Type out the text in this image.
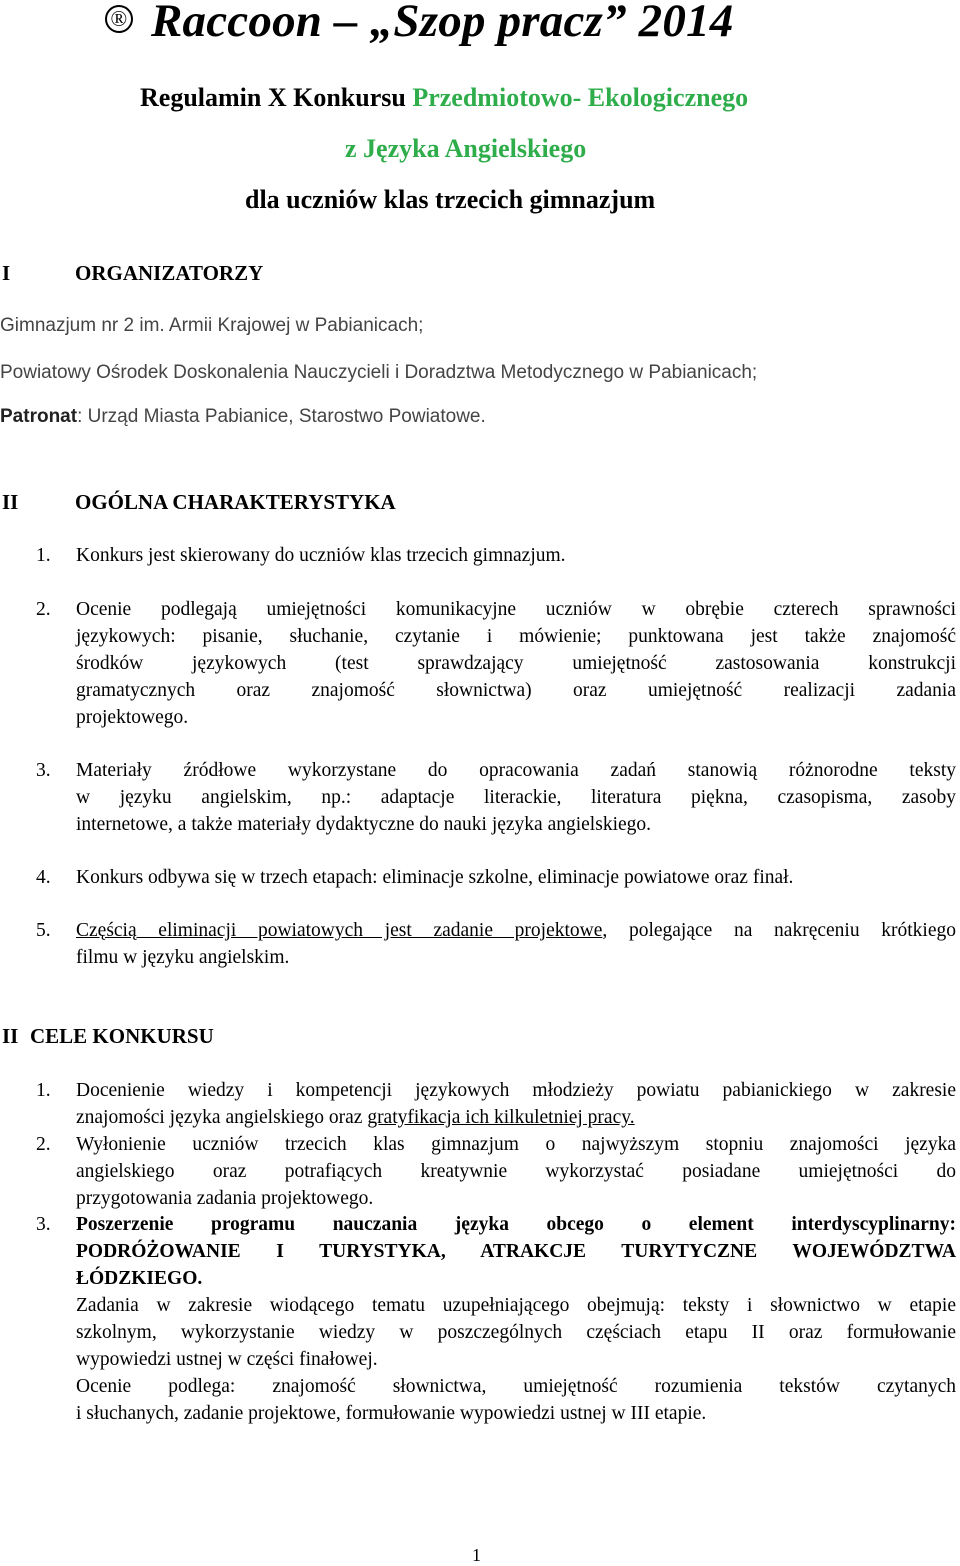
® Raccoon – „Szop pracz” 2014
Regulamin X Konkursu Przedmiotowo- Ekologicznego
z Języka Angielskiego
dla uczniów klas trzecich gimnazjum
I	ORGANIZATORZY
Gimnazjum nr 2 im. Armii Krajowej w Pabianicach;
Powiatowy Ośrodek Doskonalenia Nauczycieli i Doradztwa Metodycznego w Pabianicach;
Patronat: Urząd Miasta Pabianice, Starostwo Powiatowe.
II	OGÓLNA CHARAKTERYSTYKA
1.	Konkurs jest skierowany do uczniów klas trzecich gimnazjum.
2.	Ocenie podlegają umiejętności komunikacyjne uczniów w obrębie czterech sprawności
językowych: pisanie, słuchanie, czytanie i mówienie; punktowana jest także znajomość
środków językowych (test sprawdzający umiejętność zastosowania konstrukcji
gramatycznych oraz znajomość słownictwa) oraz umiejętność realizacji zadania
projektowego.
3.	Materiały źródłowe wykorzystane do opracowania zadań stanowią różnorodne teksty
w języku angielskim, np.: adaptacje literackie, literatura piękna, czasopisma, zasoby
internetowe, a także materiały dydaktyczne do nauki języka angielskiego.
4.	Konkurs odbywa się w trzech etapach: eliminacje szkolne, eliminacje powiatowe oraz finał.
5.	Częścią eliminacji powiatowych jest zadanie projektowe, polegające na nakręceniu krótkiego
filmu w języku angielskim.
II CELE KONKURSU
1.	Docenienie wiedzy i kompetencji językowych młodzieży powiatu pabianickiego w zakresie
znajomości języka angielskiego oraz gratyfikacja ich kilkuletniej pracy.
2.	Wyłonienie uczniów trzecich klas gimnazjum o najwyższym stopniu znajomości języka
angielskiego oraz potrafiących kreatywnie wykorzystać posiadane umiejętności do
przygotowania zadania projektowego.
3.	Poszerzenie programu nauczania języka obcego o element interdyscyplinarny:
PODRÓŻOWANIE I TURYSTYKA, ATRAKCJE TURYTYCZNE WOJEWÓDZTWA
ŁÓDZKIEGO.
Zadania w zakresie wiodącego tematu uzupełniającego obejmują: teksty i słownictwo w etapie
szkolnym, wykorzystanie wiedzy w poszczególnych częściach etapu II oraz formułowanie
wypowiedzi ustnej w części finałowej.
Ocenie podlega: znajomość słownictwa, umiejętność rozumienia tekstów czytanych
i słuchanych, zadanie projektowe, formułowanie wypowiedzi ustnej w III etapie.
1
